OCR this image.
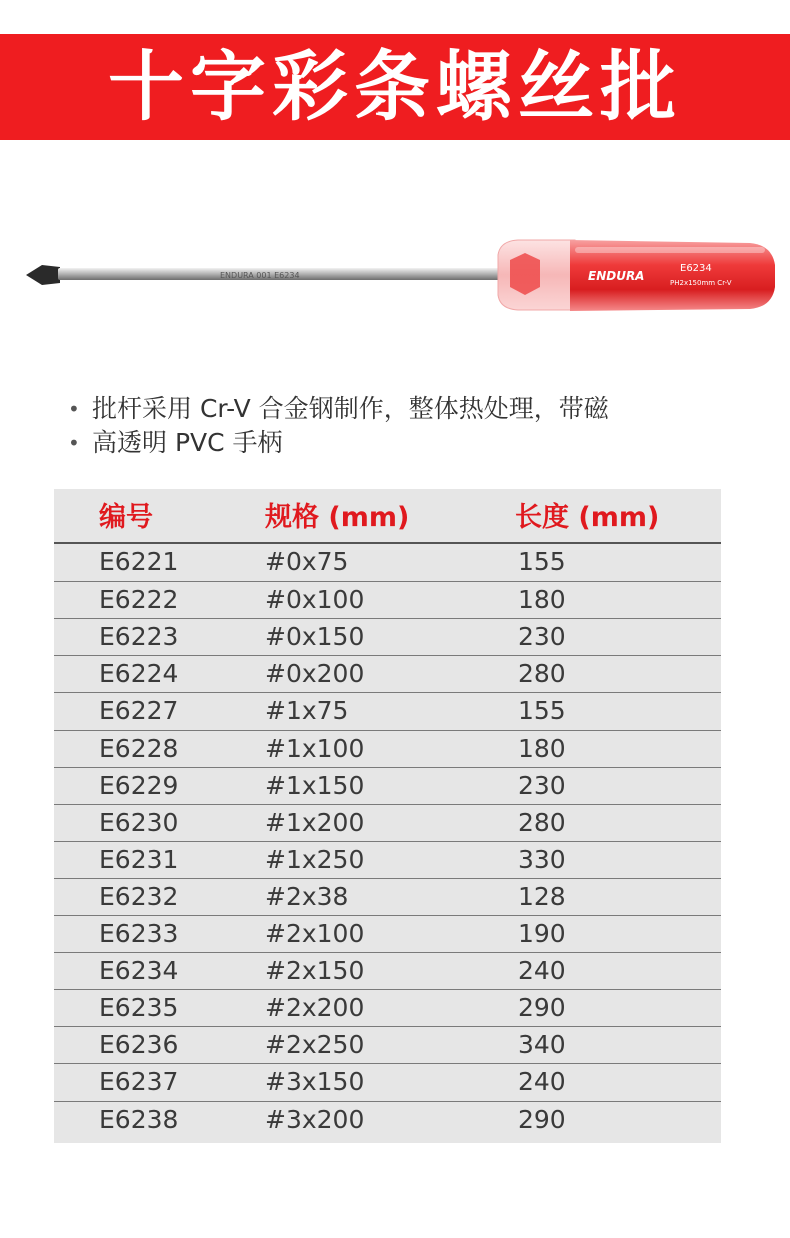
十字彩条螺丝批
ENDURA 001 E6234	ENDURA
E6234
PH2x150mm Cr-V
• 批杆采用 Cr-V 合金钢制作，整体热处理，带磁
• 高透明 PVC 手柄
编号	规格 (mm)	长度 (mm)
E6221	#0x75	155
E6222	#0x100	180
E6223	#0x150	230
E6224	#0x200	280
E6227	#1x75	155
E6228	#1x100	180
E6229	#1x150	230
E6230	#1x200	280
E6231	#1x250	330
E6232	#2x38	128
E6233	#2x100	190
E6234	#2x150	240
E6235	#2x200	290
E6236	#2x250	340
E6237	#3x150	240
E6238	#3x200	290
